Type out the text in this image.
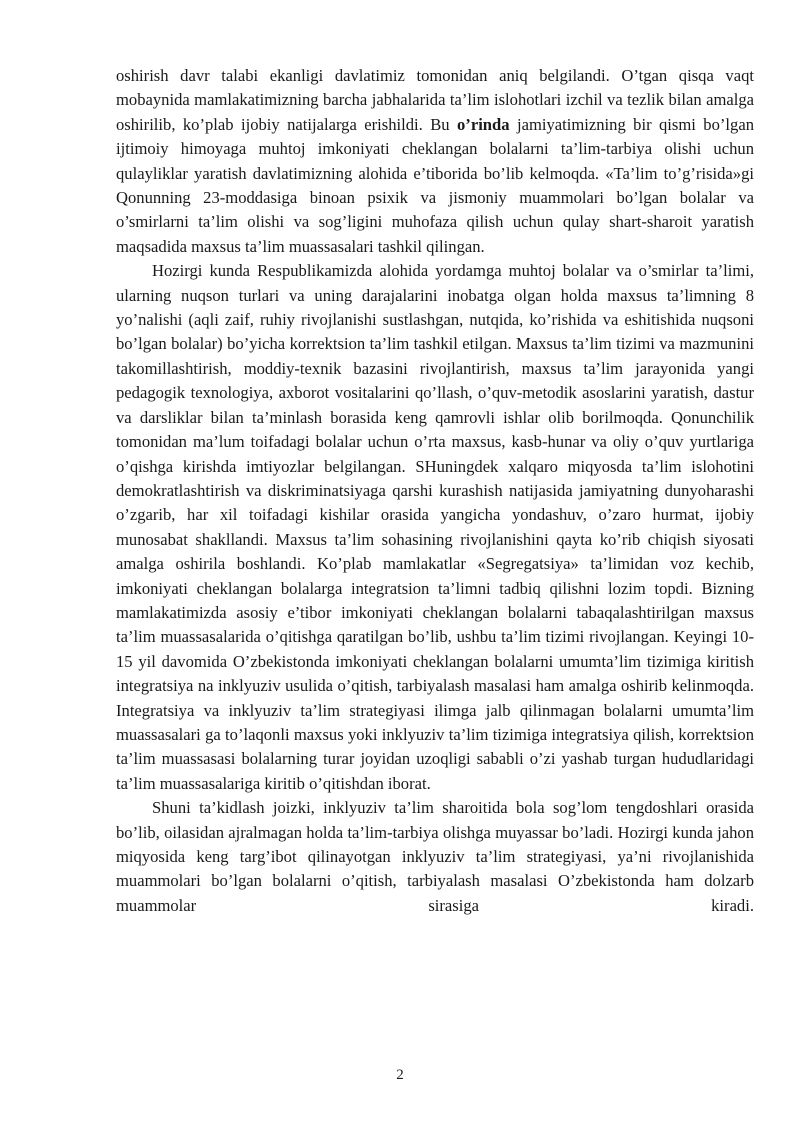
oshirish davr talabi ekanligi davlatimiz tomonidan aniq belgilandi. O’tgan qisqa vaqt mobaynida mamlakatimizning barcha jabhalarida ta’lim islohotlari izchil va tezlik bilan amalga oshirilib, ko’plab ijobiy natijalarga erishildi. Bu o’rinda jamiyatimizning bir qismi bo’lgan ijtimoiy himoyaga muhtoj imkoniyati cheklangan bolalarni ta’lim-tarbiya olishi uchun qulayliklar yaratish davlatimizning alohida e’tiborida bo’lib kelmoqda. «Ta’lim to’g’risida»gi Qonunning 23-moddasiga binoan psixik va jismoniy muammolari bo’lgan bolalar va o’smirlarni ta’lim olishi va sog’ligini muhofaza qilish uchun qulay shart-sharoit yaratish maqsadida maxsus ta’lim muassasalari tashkil qilingan.

Hozirgi kunda Respublikamizda alohida yordamga muhtoj bolalar va o’smirlar ta’limi, ularning nuqson turlari va uning darajalarini inobatga olgan holda maxsus ta’limning 8 yo’nalishi (aqli zaif, ruhiy rivojlanishi sustlashgan, nutqida, ko’rishida va eshitishida nuqsoni bo’lgan bolalar) bo’yicha korrektsion ta’lim tashkil etilgan. Maxsus ta’lim tizimi va mazmunini takomillashtirish, moddiy-texnik bazasini rivojlantirish, maxsus ta’lim jarayonida yangi pedagogik texnologiya, axborot vositalarini qo’llash, o’quv-metodik asoslarini yaratish, dastur va darsliklar bilan ta’minlash borasida keng qamrovli ishlar olib borilmoqda. Qonunchilik tomonidan ma’lum toifadagi bolalar uchun o’rta maxsus, kasb-hunar va oliy o’quv yurtlariga o’qishga kirishda imtiyozlar belgilangan. SHuningdek xalqaro miqyosda ta’lim islohotini demokratlashtirish va diskriminatsiyaga qarshi kurashish natijasida jamiyatning dunyoharashi o’zgarib, har xil toifadagi kishilar orasida yangicha yondashuv, o’zaro hurmat, ijobiy munosabat shakllandi. Maxsus ta’lim sohasining rivojlanishini qayta ko’rib chiqish siyosati amalga oshirila boshlandi. Ko’plab mamlakatlar «Segregatsiya» ta’limidan voz kechib, imkoniyati cheklangan bolalarga integratsion ta’limni tadbiq qilishni lozim topdi. Bizning mamlakatimizda asosiy e’tibor imkoniyati cheklangan bolalarni tabaqalashtirilgan maxsus ta’lim muassasalarida o’qitishga qaratilgan bo’lib, ushbu ta’lim tizimi rivojlangan. Keyingi 10-15 yil davomida O’zbekistonda imkoniyati cheklangan bolalarni umumta’lim tizimiga kiritish integratsiya na inklyuziv usulida o’qitish, tarbiyalash masalasi ham amalga oshirib kelinmoqda. Integratsiya va inklyuziv ta’lim strategiyasi ilimga jalb qilinmagan bolalarni umumta’lim muassasalari ga to’laqonli maxsus yoki inklyuziv ta’lim tizimiga integratsiya qilish, korrektsion ta’lim muassasasi bolalarning turar joyidan uzoqligi sababli o’zi yashab turgan hududlaridagi ta’lim muassasalariga kiritib o’qitishdan iborat.

Shuni ta’kidlash joizki, inklyuziv ta’lim sharoitida bola sog’lom tengdoshlari orasida bo’lib, oilasidan ajralmagan holda ta’lim-tarbiya olishga muyassar bo’ladi. Hozirgi kunda jahon miqyosida keng targ’ibot qilinayotgan inklyuziv ta’lim strategiyasi, ya’ni rivojlanishida muammolari bo’lgan bolalarni o’qitish, tarbiyalash masalasi O’zbekistonda ham dolzarb muammolar sirasiga kiradi.

2
